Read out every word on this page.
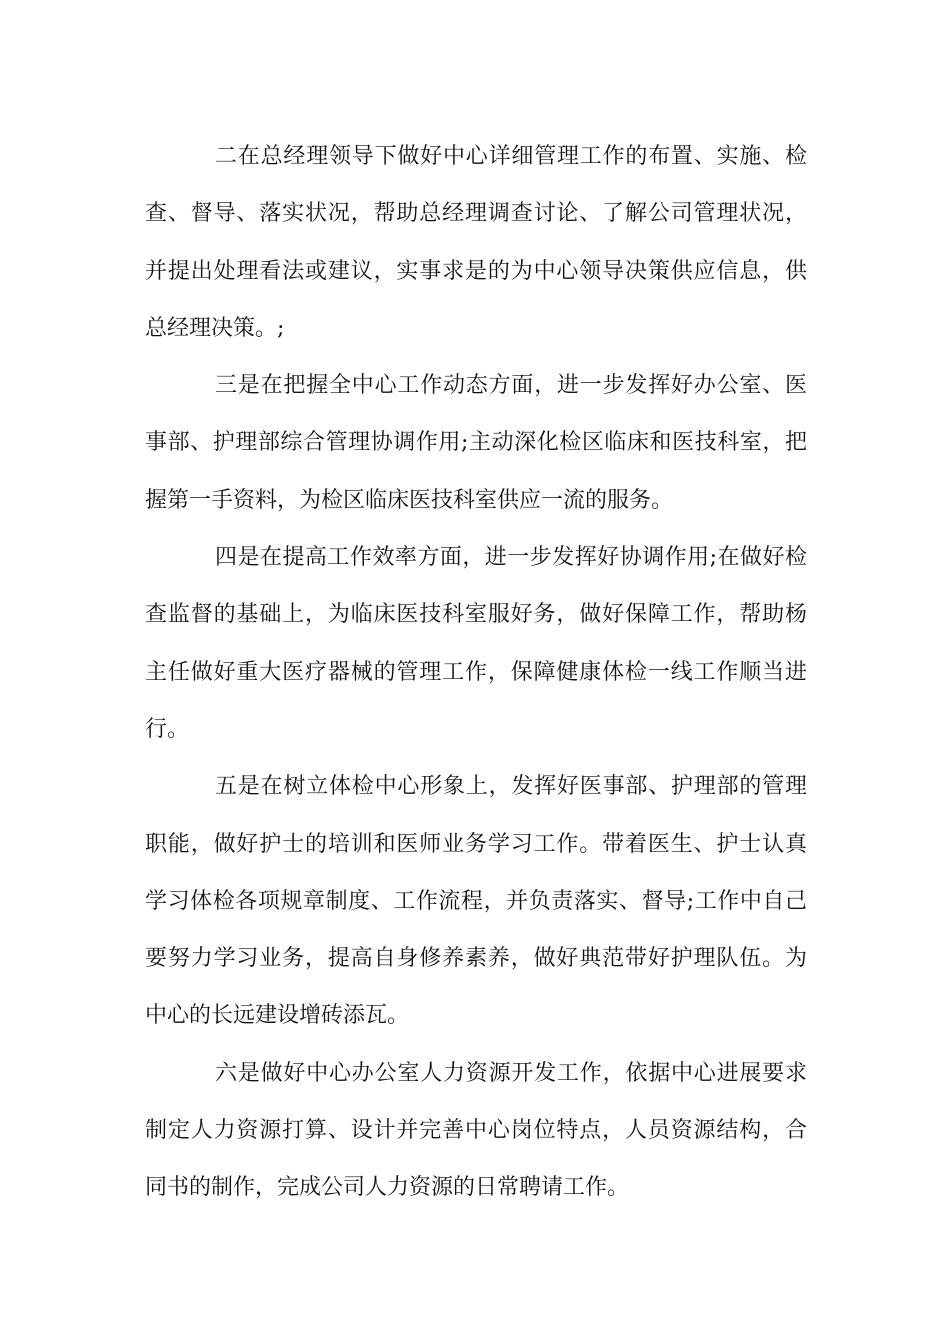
二在总经理领导下做好中心详细管理工作的布置、实施、检
查、督导、落实状况，帮助总经理调查讨论、了解公司管理状况，
并提出处理看法或建议，实事求是的为中心领导决策供应信息，供
总经理决策。;
三是在把握全中心工作动态方面，进一步发挥好办公室、医
事部、护理部综合管理协调作用;主动深化检区临床和医技科室，把
握第一手资料，为检区临床医技科室供应一流的服务。
四是在提高工作效率方面，进一步发挥好协调作用;在做好检
查监督的基础上，为临床医技科室服好务，做好保障工作，帮助杨
主任做好重大医疗器械的管理工作，保障健康体检一线工作顺当进
行。
五是在树立体检中心形象上，发挥好医事部、护理部的管理
职能，做好护士的培训和医师业务学习工作。带着医生、护士认真
学习体检各项规章制度、工作流程，并负责落实、督导;工作中自己
要努力学习业务，提高自身修养素养，做好典范带好护理队伍。为
中心的长远建设增砖添瓦。
六是做好中心办公室人力资源开发工作，依据中心进展要求
制定人力资源打算、设计并完善中心岗位特点，人员资源结构，合
同书的制作，完成公司人力资源的日常聘请工作。
